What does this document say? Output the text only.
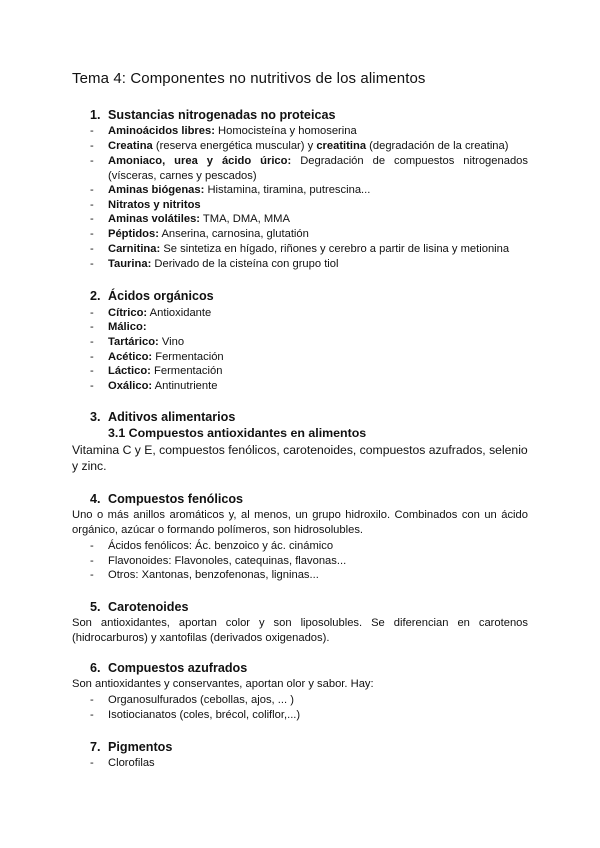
Tema 4: Componentes no nutritivos de los alimentos
1. Sustancias nitrogenadas no proteicas
- Aminoácidos libres: Homocisteína y homoserina
- Creatina (reserva energética muscular) y creatitina (degradación de la creatina)
- Amoniaco, urea y ácido úrico: Degradación de compuestos nitrogenados (vísceras, carnes y pescados)
- Aminas biógenas: Histamina, tiramina, putrescina...
- Nitratos y nitritos
- Aminas volátiles: TMA, DMA, MMA
- Péptidos: Anserina, carnosina, glutatión
- Carnitina: Se sintetiza en hígado, riñones y cerebro a partir de lisina y metionina
- Taurina: Derivado de la cisteína con grupo tiol
2. Ácidos orgánicos
- Cítrico: Antioxidante
- Málico:
- Tartárico: Vino
- Acético: Fermentación
- Láctico: Fermentación
- Oxálico: Antinutriente
3. Aditivos alimentarios
3.1 Compuestos antioxidantes en alimentos
Vitamina C y E, compuestos fenólicos, carotenoides, compuestos azufrados, selenio y zinc.
4. Compuestos fenólicos
Uno o más anillos aromáticos y, al menos, un grupo hidroxilo. Combinados con un ácido orgánico, azúcar o formando polímeros, son hidrosolubles.
- Ácidos fenólicos: Ác. benzoico y ác. cinámico
- Flavonoides: Flavonoles, catequinas, flavonas...
- Otros: Xantonas, benzofenonas, ligninas...
5. Carotenoides
Son antioxidantes, aportan color y son liposolubles. Se diferencian en carotenos (hidrocarburos) y xantofilas (derivados oxigenados).
6. Compuestos azufrados
Son antioxidantes y conservantes, aportan olor y sabor. Hay:
- Organosulfurados (cebollas, ajos, ... )
- Isotiocianatos (coles, brécol, coliflor,...)
7. Pigmentos
- Clorofilas
